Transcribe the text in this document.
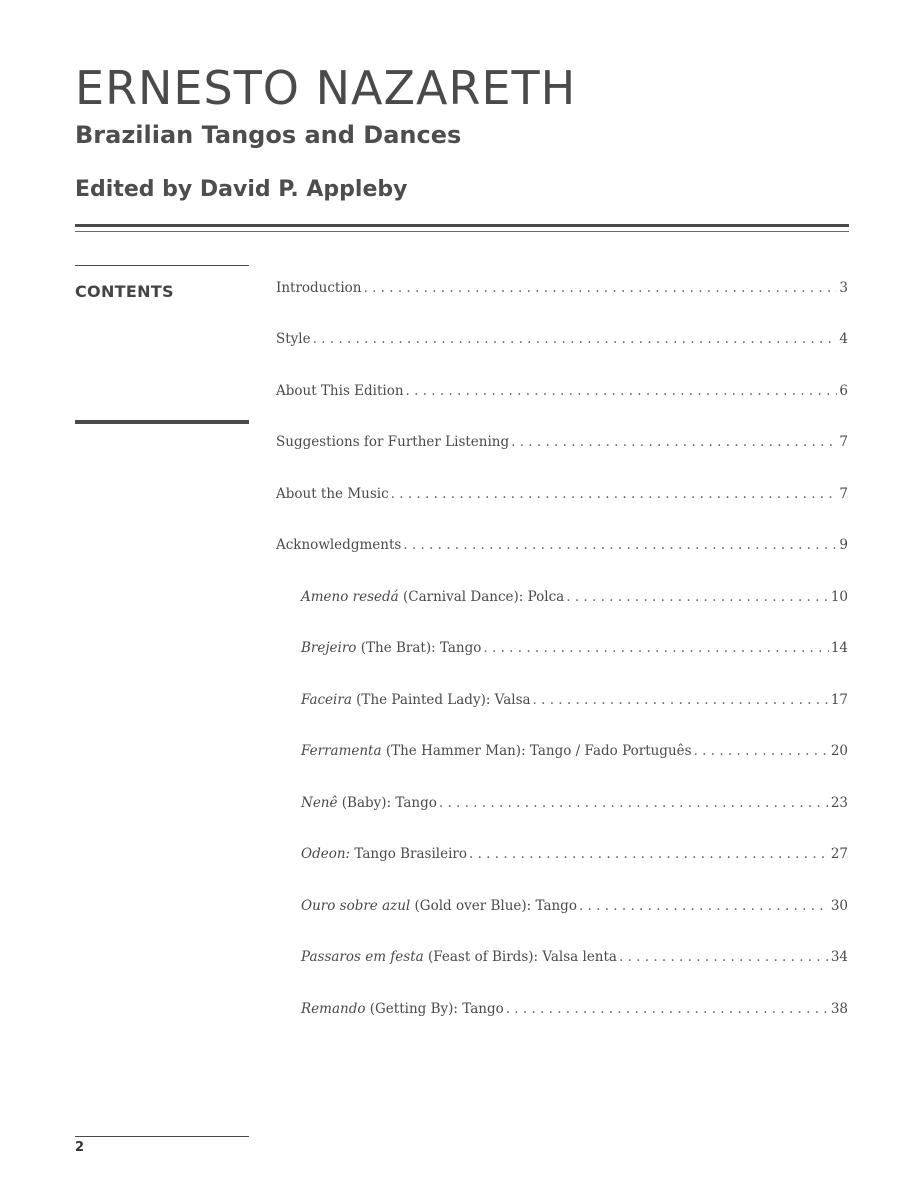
ERNESTO NAZARETH
Brazilian Tangos and Dances
Edited by David P. Appleby
CONTENTS	Introduction . . .	3
Style . . .	4
About This Edition . . .	6
Suggestions for Further Listening . . .	7
About the Music . . .	7
Acknowledgments . . .	9
Ameno resedá (Carnival Dance): Polca . . .	10
Brejeiro (The Brat): Tango . . .	14
Faceira (The Painted Lady): Valsa . . .	17
Ferramenta (The Hammer Man): Tango / Fado Português . . .	20
Nenê (Baby): Tango . . .	23
Odeon: Tango Brasileiro . . .	27
Ouro sobre azul (Gold over Blue): Tango . . .	30
Passaros em festa (Feast of Birds): Valsa lenta . . .	34
Remando (Getting By): Tango . . .	38
2
